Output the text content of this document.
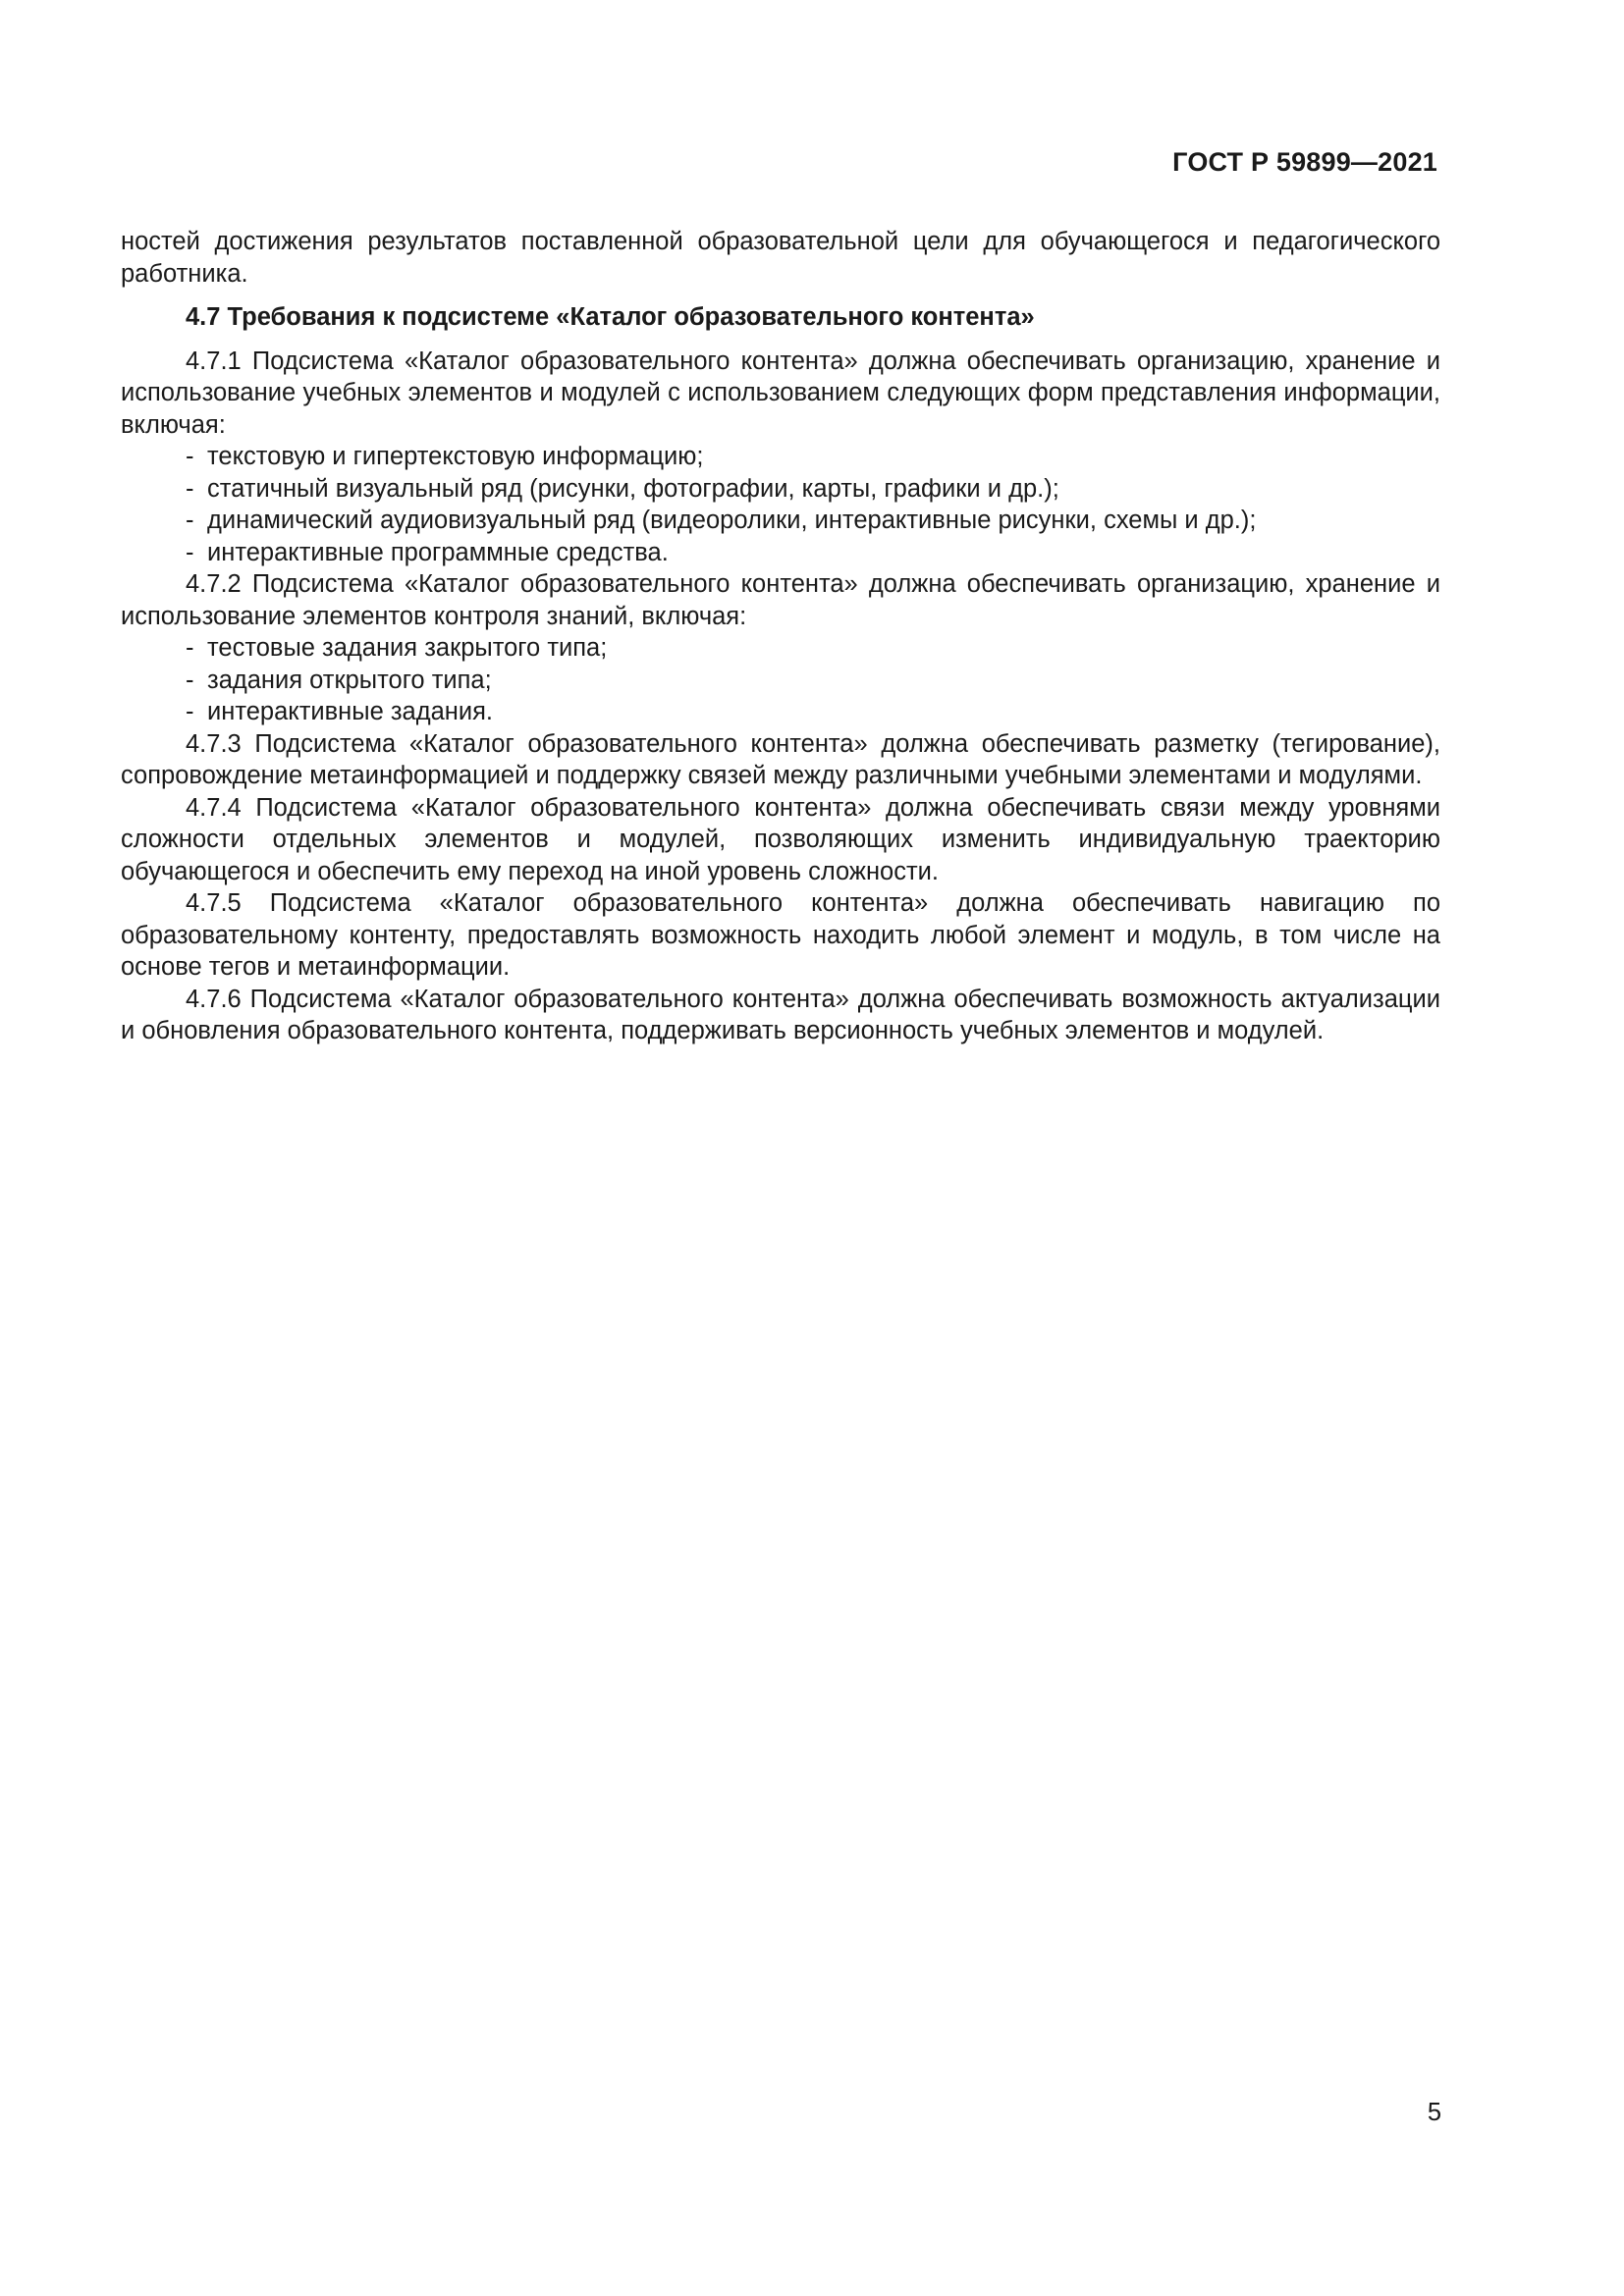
ГОСТ Р 59899—2021

ностей достижения результатов поставленной образовательной цели для обучающегося и педагогического работника.

4.7 Требования к подсистеме «Каталог образовательного контента»

4.7.1 Подсистема «Каталог образовательного контента» должна обеспечивать организацию, хранение и использование учебных элементов и модулей с использованием следующих форм представления информации, включая:

- текстовую и гипертекстовую информацию;

- статичный визуальный ряд (рисунки, фотографии, карты, графики и др.);

- динамический аудиовизуальный ряд (видеоролики, интерактивные рисунки, схемы и др.);

- интерактивные программные средства.

4.7.2 Подсистема «Каталог образовательного контента» должна обеспечивать организацию, хранение и использование элементов контроля знаний, включая:

- тестовые задания закрытого типа;

- задания открытого типа;

- интерактивные задания.

4.7.3 Подсистема «Каталог образовательного контента» должна обеспечивать разметку (тегирование), сопровождение метаинформацией и поддержку связей между различными учебными элементами и модулями.

4.7.4 Подсистема «Каталог образовательного контента» должна обеспечивать связи между уровнями сложности отдельных элементов и модулей, позволяющих изменить индивидуальную траекторию обучающегося и обеспечить ему переход на иной уровень сложности.

4.7.5 Подсистема «Каталог образовательного контента» должна обеспечивать навигацию по образовательному контенту, предоставлять возможность находить любой элемент и модуль, в том числе на основе тегов и метаинформации.

4.7.6 Подсистема «Каталог образовательного контента» должна обеспечивать возможность актуализации и обновления образовательного контента, поддерживать версионность учебных элементов и модулей.

5
